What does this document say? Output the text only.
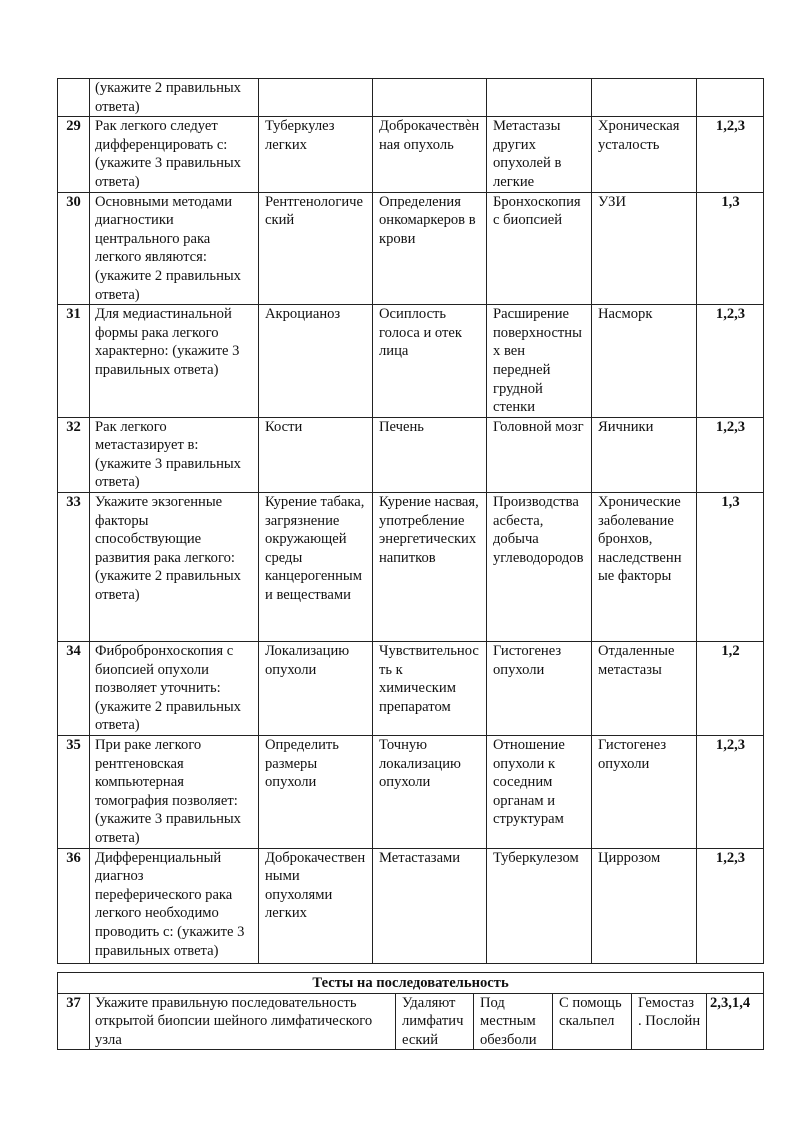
	(укажите 2 правильных ответа)					
29	Рак легкого следует дифференцировать с: (укажите 3 правильных ответа)	Туберкулез легких	Доброкачествѐнная опухоль	Метастазы других опухолей в легкие	Хроническая усталость	1,2,3
30	Основными методами диагностики центрального рака легкого являются: (укажите 2 правильных ответа)	Рентгенологический	Определения онкомаркеров в крови	Бронхоскопия с биопсией	УЗИ	1,3
31	Для медиастинальной формы рака легкого характерно: (укажите 3 правильных ответа)	Акроцианоз	Осиплость голоса и отек лица	Расширение поверхностных вен передней грудной стенки	Насморк	1,2,3
32	Рак легкого метастазирует в: (укажите 3 правильных ответа)	Кости	Печень	Головной мозг	Яичники	1,2,3
33	Укажите экзогенные факторы способствующие развития рака легкого: (укажите 2 правильных ответа)	Курение табака, загрязнение окружающей среды канцерогенными веществами	Курение насвая, употребление энергетических напитков	Производства асбеста, добыча углеводородов	Хронические заболевание бронхов, наследственные факторы	1,3
34	Фибробронхоскопия с биопсией опухоли позволяет уточнить: (укажите 2 правильных ответа)	Локализацию опухоли	Чувствительность к химическим препаратом	Гистогенез опухоли	Отдаленные метастазы	1,2
35	При раке легкого рентгеновская компьютерная томография позволяет: (укажите 3 правильных ответа)	Определить размеры опухоли	Точную локализацию опухоли	Отношение опухоли к соседним органам и структурам	Гистогенез опухоли	1,2,3
36	Дифференциальный диагноз переферического рака легкого необходимо проводить с: (укажите 3 правильных ответа)	Доброкачественными опухолями легких	Метастазами	Туберкулезом	Циррозом	1,2,3
Тесты на последовательность
37	Укажите правильную последовательность открытой биопсии шейного лимфатического узла	Удаляют лимфатический	Под местным обезболи	С помощь скальпел	Гемостаз . Послойн	2,3,1,4
